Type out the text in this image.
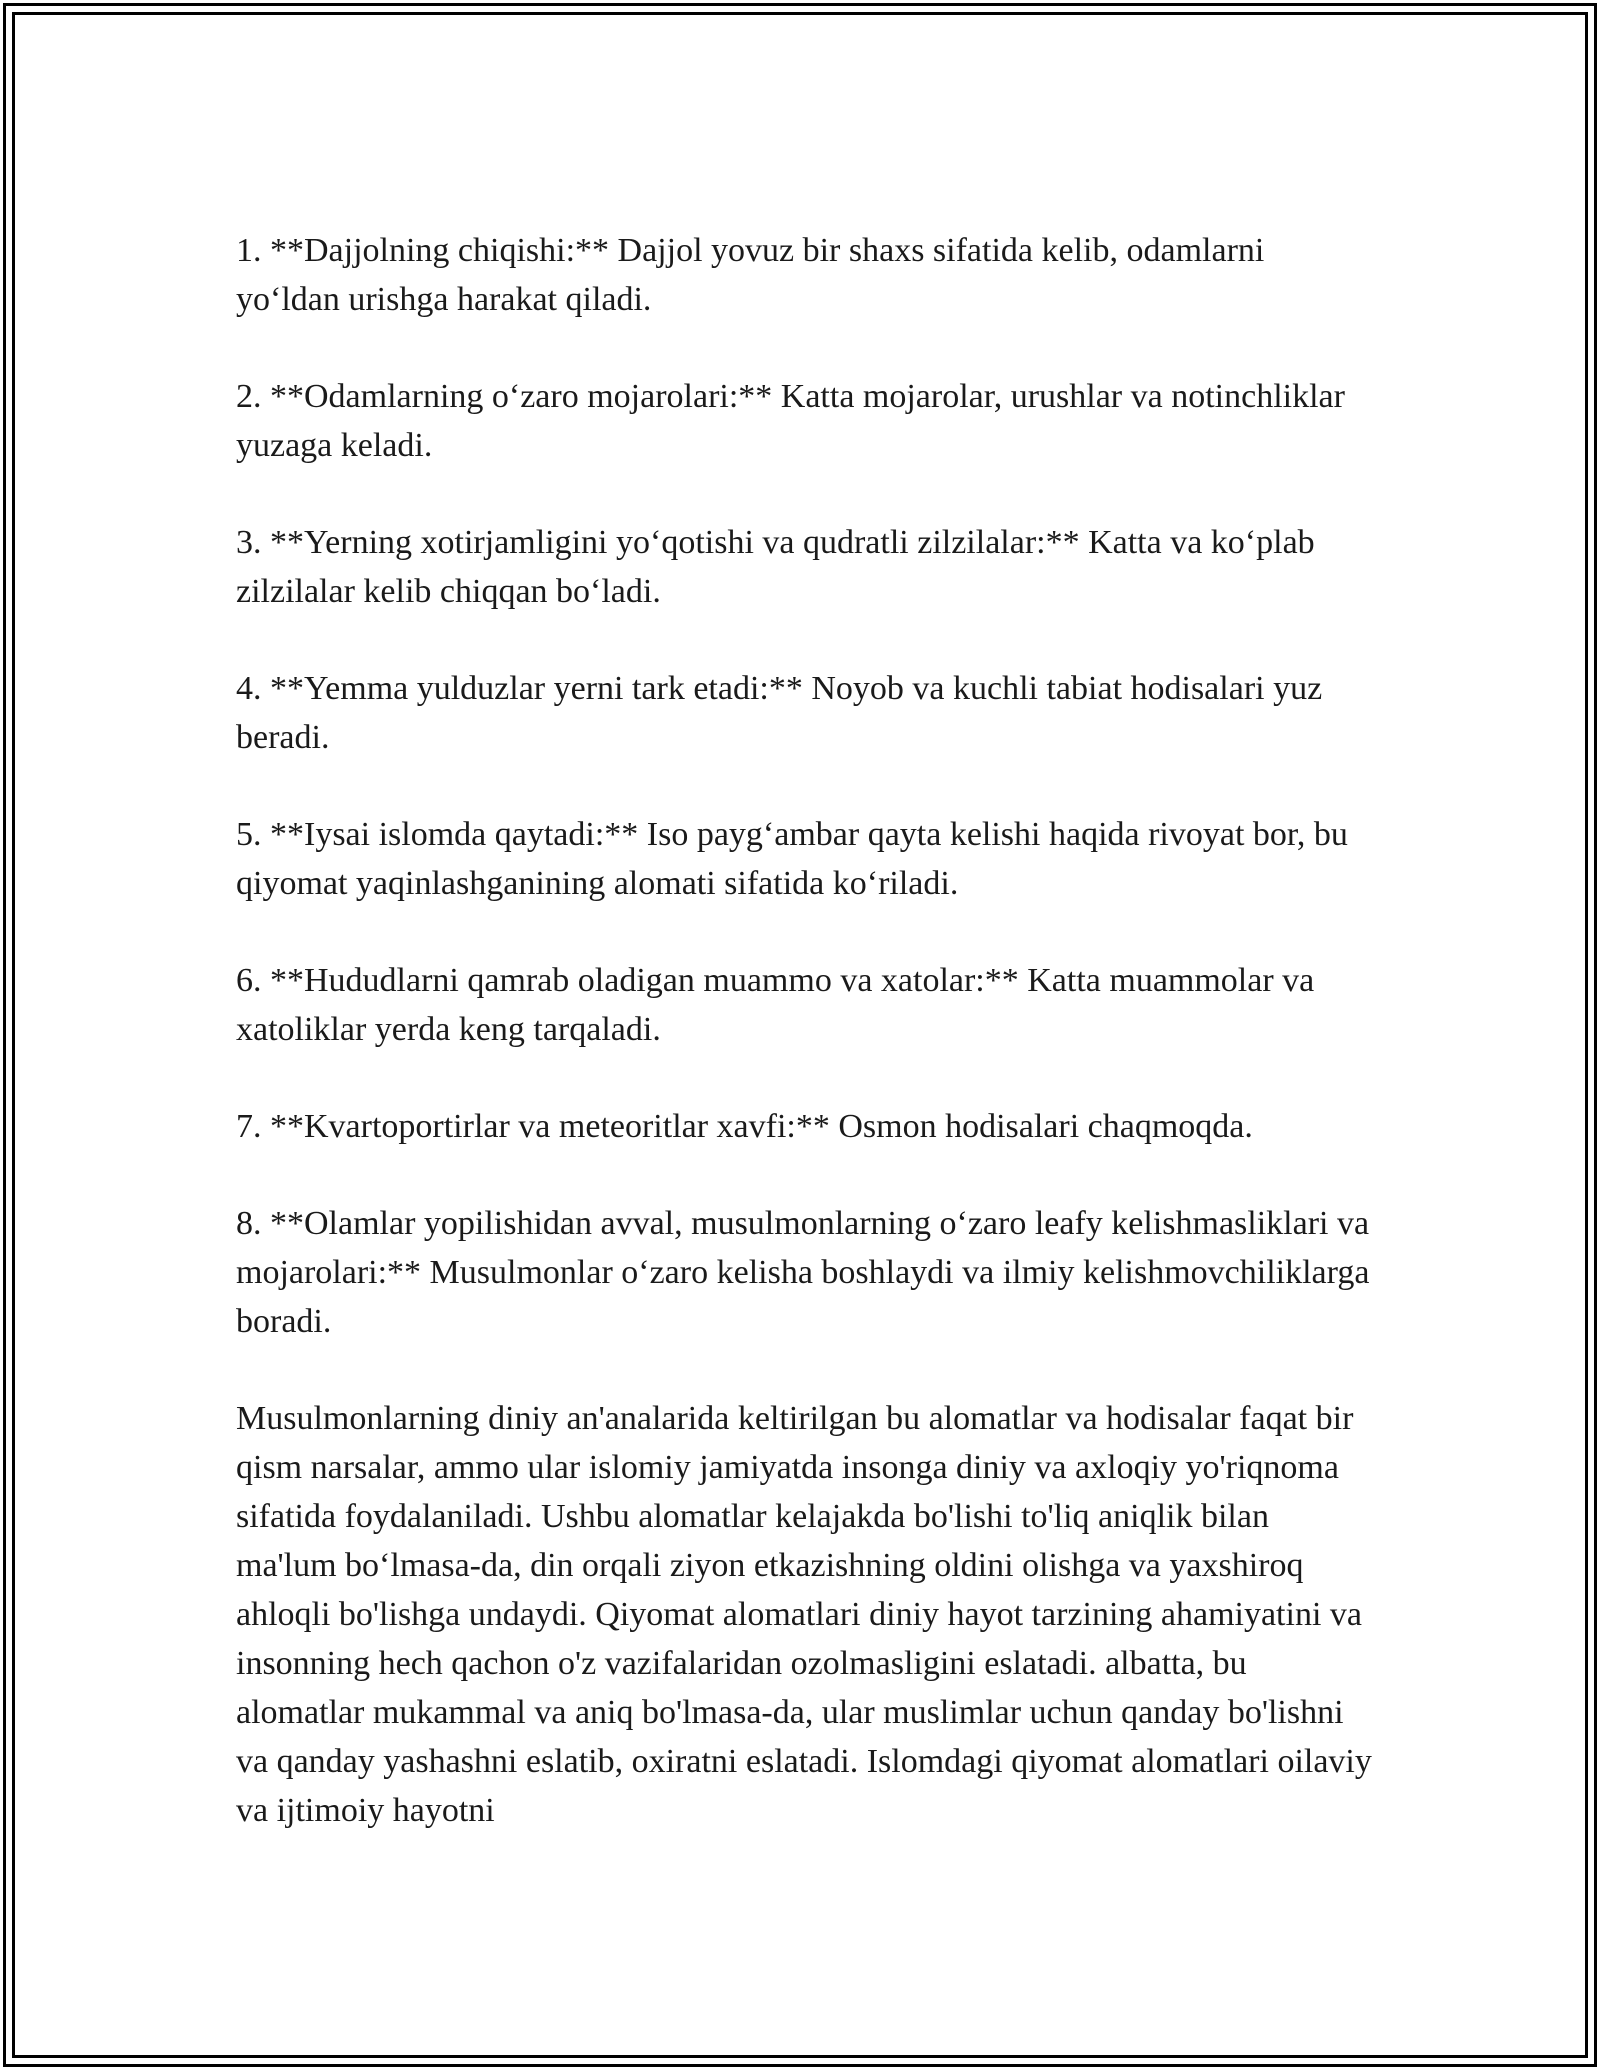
1. **Dajjolning chiqishi:** Dajjol yovuz bir shaxs sifatida kelib, odamlarni yo‘ldan urishga harakat qiladi.

2. **Odamlarning o‘zaro mojarolari:** Katta mojarolar, urushlar va notinchliklar yuzaga keladi.

3. **Yerning xotirjamligini yo‘qotishi va qudratli zilzilalar:** Katta va ko‘plab zilzilalar kelib chiqqan bo‘ladi.

4. **Yemma yulduzlar yerni tark etadi:** Noyob va kuchli tabiat hodisalari yuz beradi.

5. **Iysai islomda qaytadi:** Iso payg‘ambar qayta kelishi haqida rivoyat bor, bu qiyomat yaqinlashganining alomati sifatida ko‘riladi.

6. **Hududlarni qamrab oladigan muammo va xatolar:** Katta muammolar va xatoliklar yerda keng tarqaladi.

7. **Kvartoportirlar va meteoritlar xavfi:** Osmon hodisalari chaqmoqda.

8. **Olamlar yopilishidan avval, musulmonlarning o‘zaro leafy kelishmasliklari va mojarolari:** Musulmonlar o‘zaro kelisha boshlaydi va ilmiy kelishmovchiliklarga boradi.

Musulmonlarning diniy an'analarida keltirilgan bu alomatlar va hodisalar faqat bir qism narsalar, ammo ular islomiy jamiyatda insonga diniy va axloqiy yo'riqnoma sifatida foydalaniladi. Ushbu alomatlar kelajakda bo'lishi to'liq aniqlik bilan ma'lum bo‘lmasa-da, din orqali ziyon etkazishning oldini olishga va yaxshiroq ahloqli bo'lishga undaydi. Qiyomat alomatlari diniy hayot tarzining ahamiyatini va insonning hech qachon o'z vazifalaridan ozolmasligini eslatadi. albatta, bu alomatlar mukammal va aniq bo'lmasa-da, ular muslimlar uchun qanday bo'lishni va qanday yashashni eslatib, oxiratni eslatadi. Islomdagi qiyomat alomatlari oilaviy va ijtimoiy hayotni
